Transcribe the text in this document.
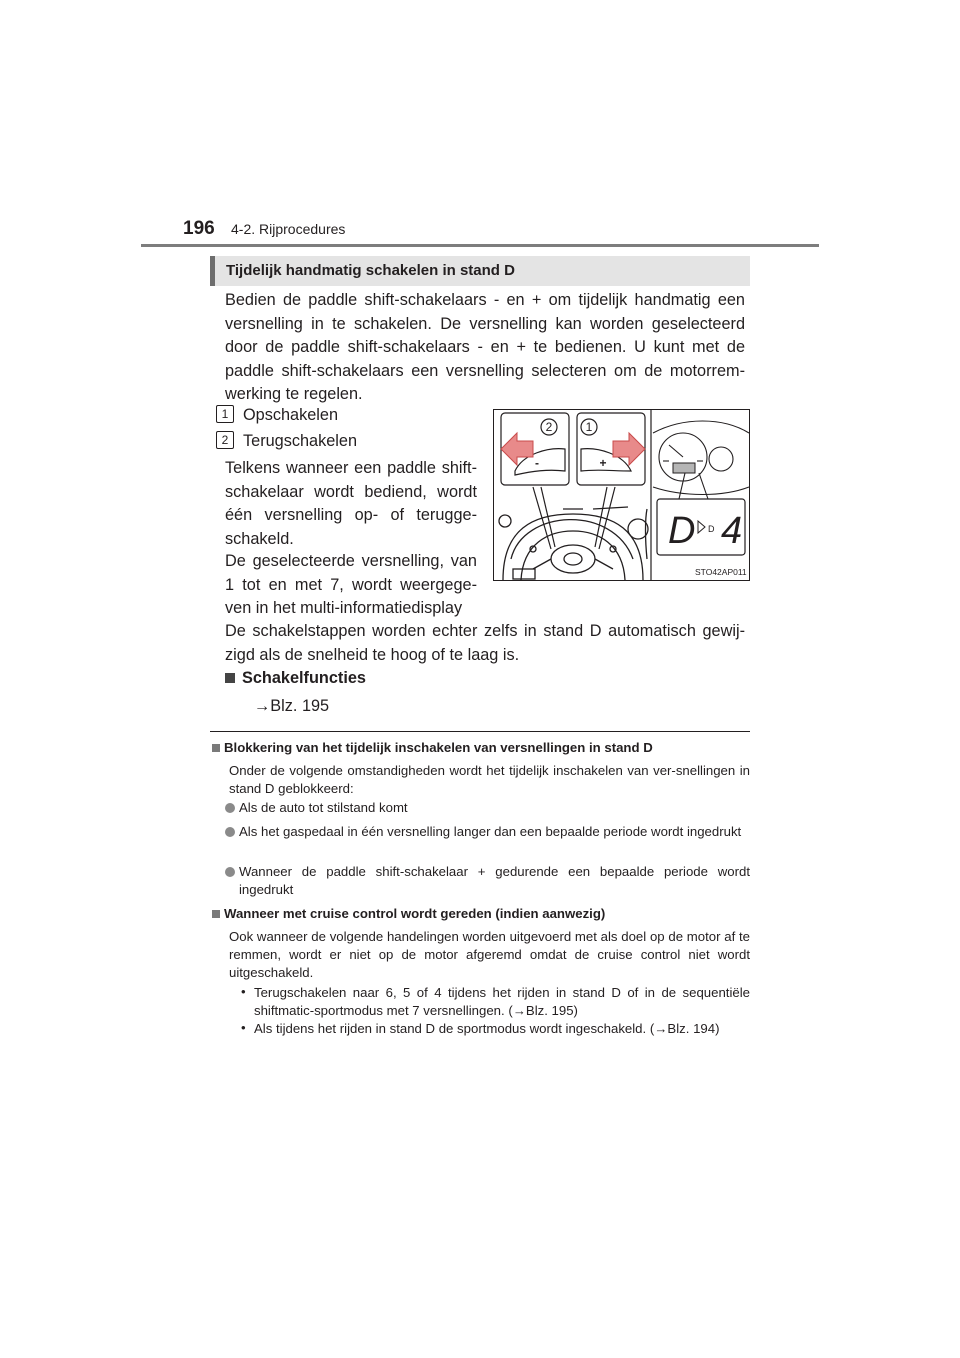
196 4-2. Rijprocedures
Tijdelijk handmatig schakelen in stand D
Bedien de paddle shift-schakelaars - en + om tijdelijk handmatig een versnelling in te schakelen. De versnelling kan worden geselecteerd door de paddle shift-schakelaars - en + te bedienen. U kunt met de paddle shift-schakelaars een versnelling selecteren om de motorrem-werking te regelen.
1 Opschakelen
2 Terugschakelen
Telkens wanneer een paddle shift-schakelaar wordt bediend, wordt één versnelling op- of terugge-schakeld.
De geselecteerde versnelling, van 1 tot en met 7, wordt weergege-ven in het multi-informatiedisplay
De schakelstappen worden echter zelfs in stand D automatisch gewij-zigd als de snelheid te hoog of te laag is.
Schakelfuncties
→Blz. 195
2	1
-	+
D D 4
STO42AP011
Blokkering van het tijdelijk inschakelen van versnellingen in stand D
Onder de volgende omstandigheden wordt het tijdelijk inschakelen van ver-snellingen in stand D geblokkeerd:
Als de auto tot stilstand komt
Als het gaspedaal in één versnelling langer dan een bepaalde periode wordt ingedrukt
Wanneer de paddle shift-schakelaar + gedurende een bepaalde periode wordt ingedrukt
Wanneer met cruise control wordt gereden (indien aanwezig)
Ook wanneer de volgende handelingen worden uitgevoerd met als doel op de motor af te remmen, wordt er niet op de motor afgeremd omdat de cruise control niet wordt uitgeschakeld.
• Terugschakelen naar 6, 5 of 4 tijdens het rijden in stand D of in de sequentiële shiftmatic-sportmodus met 7 versnellingen. (→Blz. 195)
• Als tijdens het rijden in stand D de sportmodus wordt ingeschakeld. (→Blz. 194)
